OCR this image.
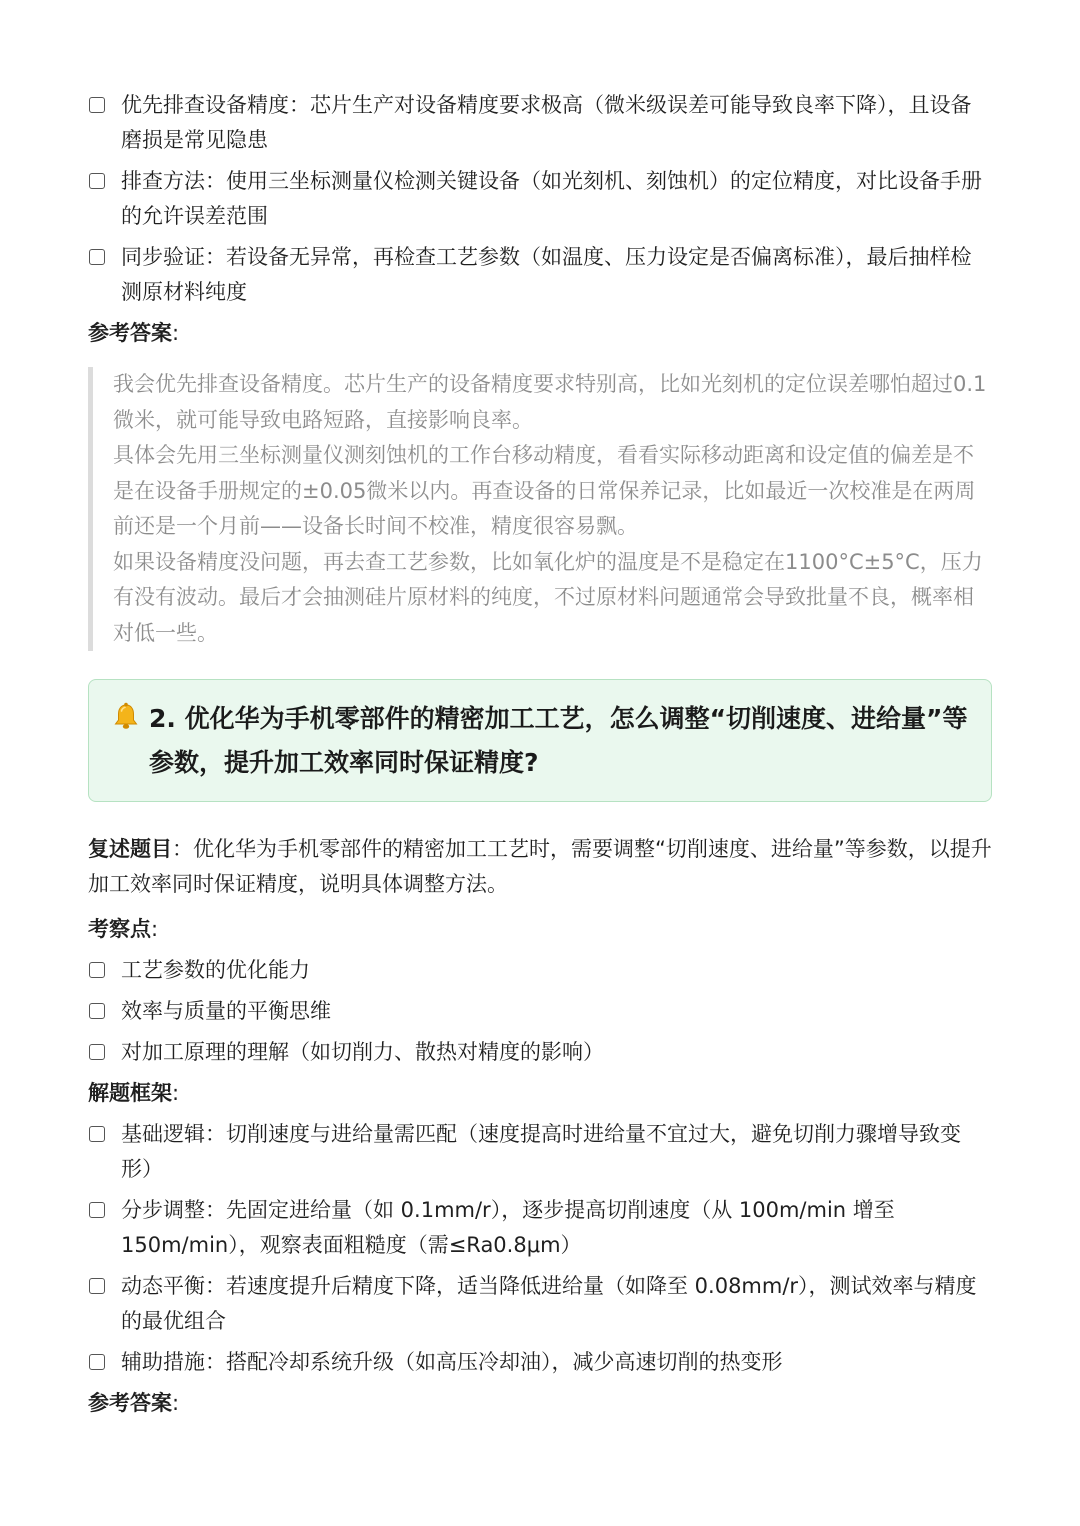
优先排查设备精度：芯片生产对设备精度要求极高（微米级误差可能导致良率下降），且设备磨损是常见隐患
排查方法：使用三坐标测量仪检测关键设备（如光刻机、刻蚀机）的定位精度，对比设备手册的允许误差范围
同步验证：若设备无异常，再检查工艺参数（如温度、压力设定是否偏离标准），最后抽样检测原材料纯度
参考答案:

我会优先排查设备精度。芯片生产的设备精度要求特别高，比如光刻机的定位误差哪怕超过0.1微米，就可能导致电路短路，直接影响良率。

具体会先用三坐标测量仪测刻蚀机的工作台移动精度，看看实际移动距离和设定值的偏差是不是在设备手册规定的±0.05微米以内。再查设备的日常保养记录，比如最近一次校准是在两周前还是一个月前——设备长时间不校准，精度很容易飘。

如果设备精度没问题，再去查工艺参数，比如氧化炉的温度是不是稳定在1100°C±5°C，压力有没有波动。最后才会抽测硅片原材料的纯度，不过原材料问题通常会导致批量不良，概率相对低一些。

2. 优化华为手机零部件的精密加工工艺，怎么调整“切削速度、进给量”等参数，提升加工效率同时保证精度?
复述题目：优化华为手机零部件的精密加工工艺时，需要调整“切削速度、进给量”等参数，以提升加工效率同时保证精度，说明具体调整方法。
考察点:
工艺参数的优化能力
效率与质量的平衡思维
对加工原理的理解（如切削力、散热对精度的影响）
解题框架:
基础逻辑：切削速度与进给量需匹配（速度提高时进给量不宜过大，避免切削力骤增导致变形）
分步调整：先固定进给量（如 0.1mm/r），逐步提高切削速度（从 100m/min 增至 150m/min），观察表面粗糙度（需≤Ra0.8μm）
动态平衡：若速度提升后精度下降，适当降低进给量（如降至 0.08mm/r），测试效率与精度的最优组合
辅助措施：搭配冷却系统升级（如高压冷却油），减少高速切削的热变形
参考答案:
